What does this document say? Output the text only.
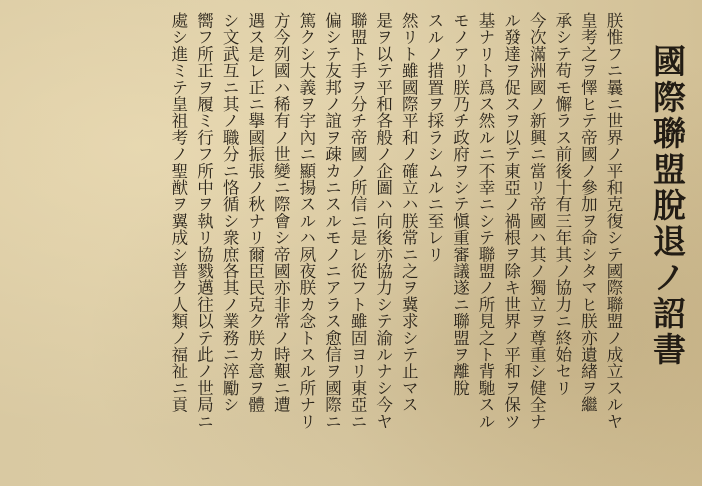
國際聯盟脫退ノ詔書
朕惟フニ曩ニ世界ノ平和克復シテ國際聯盟ノ成立スルヤ
皇考之ヲ懌ヒテ帝國ノ參加ヲ命シタマヒ朕亦遺緖ヲ繼
承シテ苟モ懈ラス前後十有三年其ノ協力ニ終始セリ
今次滿洲國ノ新興ニ當リ帝國ハ其ノ獨立ヲ尊重シ健全ナ
ル發達ヲ促スヲ以テ東亞ノ禍根ヲ除キ世界ノ平和ヲ保ツ
基ナリト爲ス然ルニ不幸ニシテ聯盟ノ所見之ト背馳スル
モノアリ朕乃チ政府ヲシテ愼重審議遂ニ聯盟ヲ離脫
スルノ措置ヲ採ラシムルニ至レリ
然リト雖國際平和ノ確立ハ朕常ニ之ヲ冀求シテ止マス
是ヲ以テ平和各般ノ企圖ハ向後亦協力シテ渝ルナシ今ヤ
聯盟ト手ヲ分チ帝國ノ所信ニ是レ從フト雖固ヨリ東亞ニ
偏シテ友邦ノ誼ヲ疎カニスルモノニアラス愈信ヲ國際ニ
篤クシ大義ヲ宇內ニ顯揚スルハ夙夜朕カ念トスル所ナリ
方今列國ハ稀有ノ世變ニ際會シ帝國亦非常ノ時艱ニ遭
遇ス是レ正ニ擧國振張ノ秋ナリ爾臣民克ク朕カ意ヲ體
シ文武互ニ其ノ職分ニ恪循シ衆庶各其ノ業務ニ淬勵シ
嚮フ所正ヲ履ミ行フ所中ヲ執リ協戮邁往以テ此ノ世局ニ
處シ進ミテ皇祖考ノ聖猷ヲ翼成シ普ク人類ノ福祉ニ貢
